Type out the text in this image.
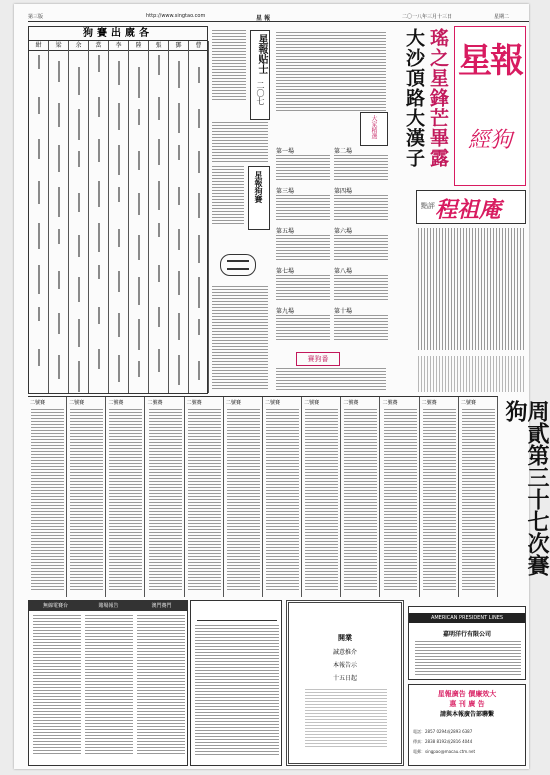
第三版	http://www.singtao.com	星 報	二〇一八年三月十三日	星期二
狗賽出廐各
紺	梁	余	當	李	陸	張	鄧	曹	星報贴士
二〇七
星報狗賽
大家精選
第一場	第二場
第三場	第四場
第五場	第六場
第七場	第八場
第九場	第十場
賽狗番
瑤之星鋒芒畢露
大沙頂路大漢子 星報
經狗
點評 程祖庵
二號賽	二號賽	二號賽	二號賽	二號賽	二號賽	二號賽	二號賽	二號賽	二號賽	二號賽	二號賽	周貳第三十七次賽狗
無線電賽台	賭場報告	澳門賽門
開業
誠意推介
本報告示
十五日起
AMERICAN PRESIDENT LINES
嘉明洋行有限公司
星報廣告 價廉效大
惠 刊 廣 告
請與本報廣告部聯繫
電話：2857 0294或2893 6387
傳真：2838 8192或2816 4044
電郵：singpao@macau.ctm.net
